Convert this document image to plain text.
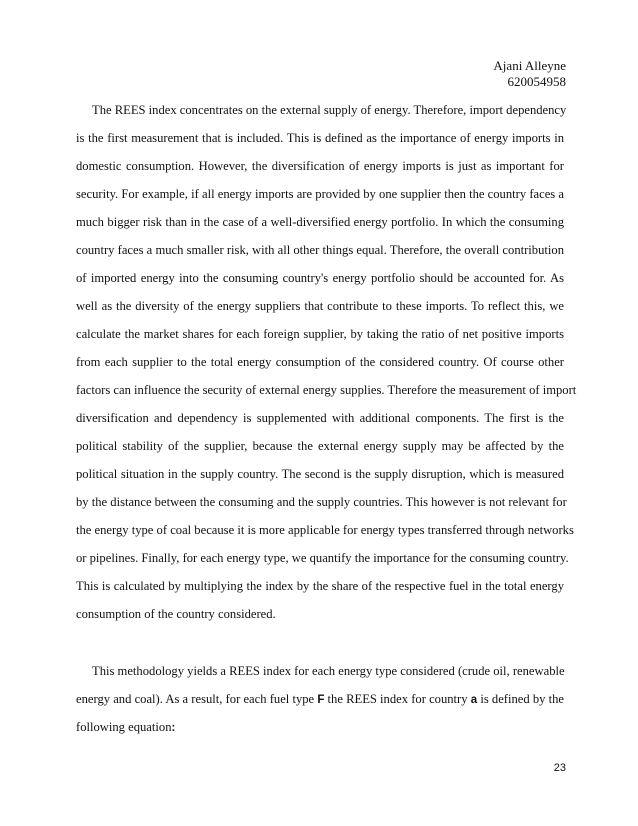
Ajani Alleyne
620054958
The REES index concentrates on the external supply of energy. Therefore, import dependency
is the first measurement that is included. This is defined as the importance of energy imports in
domestic consumption. However, the diversification of energy imports is just as important for
security. For example, if all energy imports are provided by one supplier then the country faces a
much bigger risk than in the case of a well-diversified energy portfolio. In which the consuming
country faces a much smaller risk, with all other things equal. Therefore, the overall contribution
of imported energy into the consuming country's energy portfolio should be accounted for. As
well as the diversity of the energy suppliers that contribute to these imports. To reflect this, we
calculate the market shares for each foreign supplier, by taking the ratio of net positive imports
from each supplier to the total energy consumption of the considered country. Of course other
factors can influence the security of external energy supplies. Therefore the measurement of import
diversification and dependency is supplemented with additional components. The first is the
political stability of the supplier, because the external energy supply may be affected by the
political situation in the supply country. The second is the supply disruption, which is measured
by the distance between the consuming and the supply countries. This however is not relevant for
the energy type of coal because it is more applicable for energy types transferred through networks
or pipelines. Finally, for each energy type, we quantify the importance for the consuming country.
This is calculated by multiplying the index by the share of the respective fuel in the total energy
consumption of the country considered.
This methodology yields a REES index for each energy type considered (crude oil, renewable
energy and coal). As a result, for each fuel type F the REES index for country a is defined by the
following equation:
23
